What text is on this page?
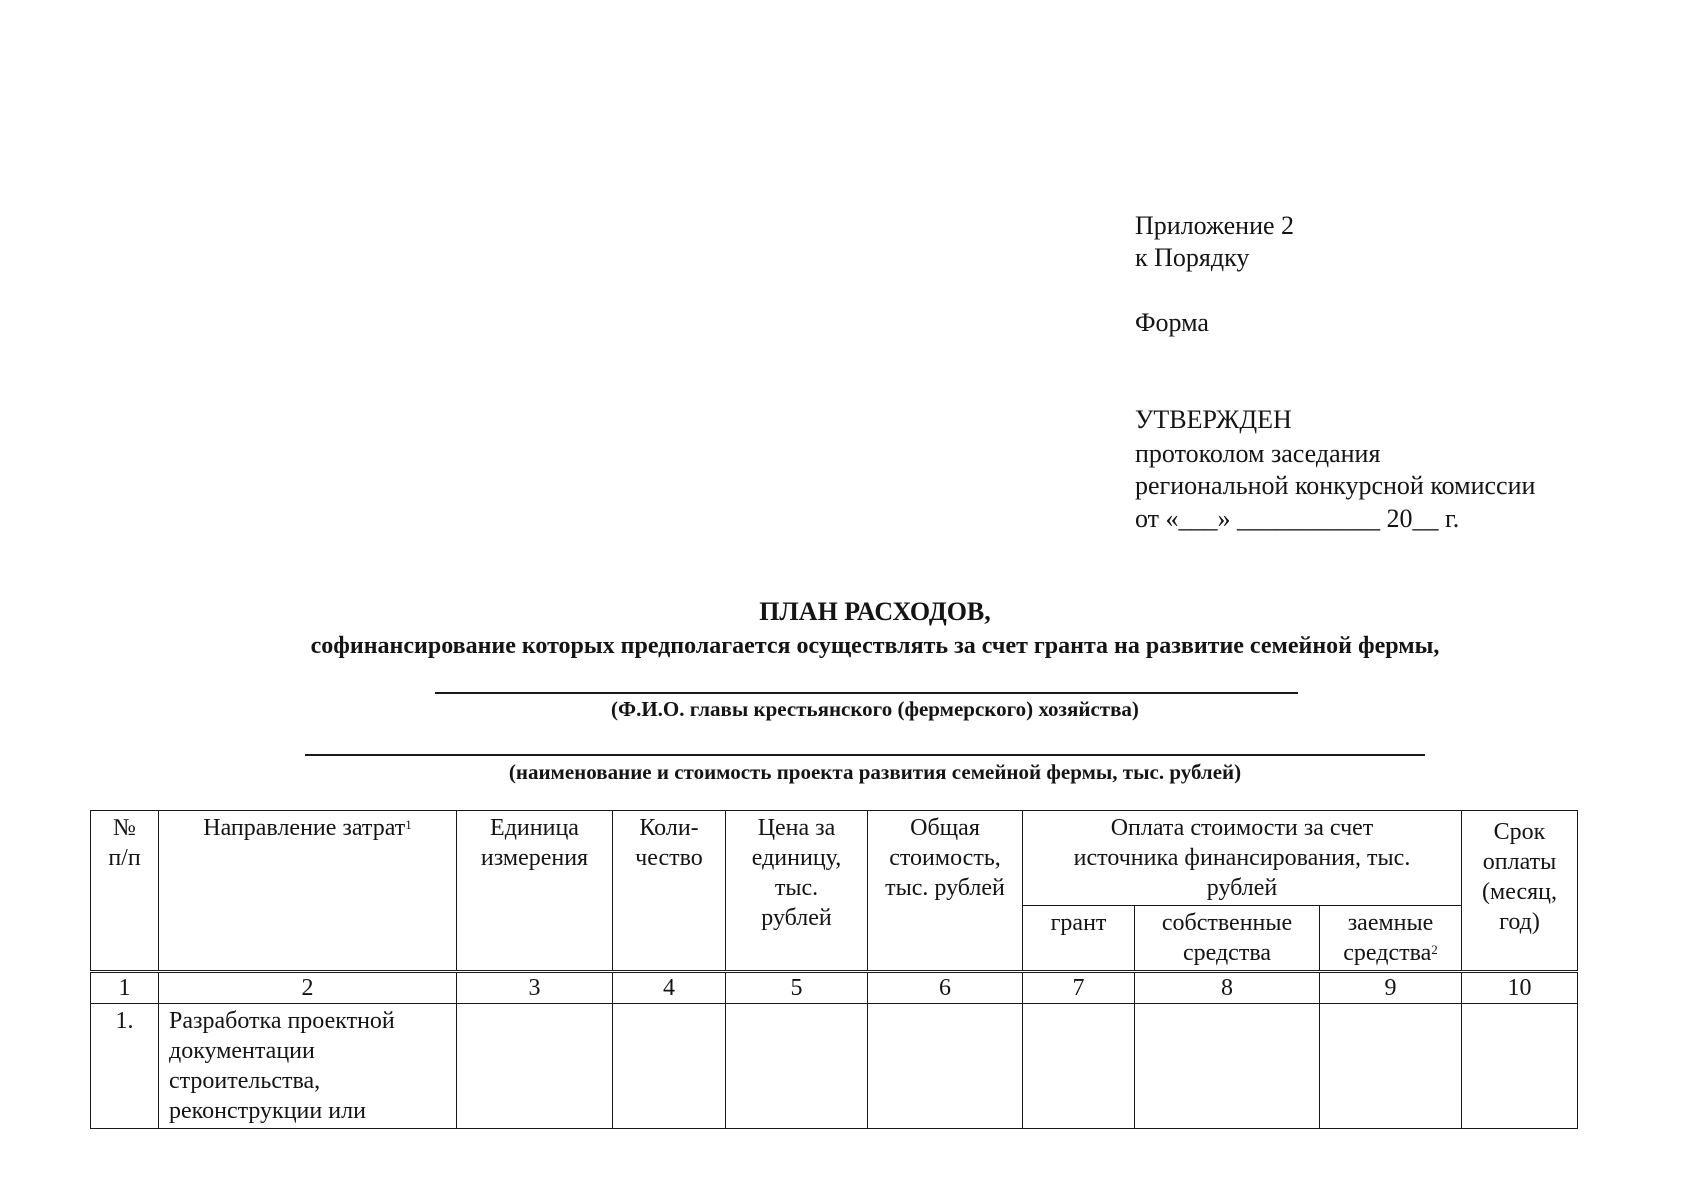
Приложение 2
к Порядку
Форма
УТВЕРЖДЕН
протоколом заседания
региональной конкурсной комиссии
от «___» ___________ 20__ г.
ПЛАН РАСХОДОВ,
софинансирование которых предполагается осуществлять за счет гранта на развитие семейной фермы,
(Ф.И.О. главы крестьянского (фермерского) хозяйства)
(наименование и стоимость проекта развития семейной фермы, тыс. рублей)
№ п/п	Направление затрат$^1$	Единица измерения	Коли-чество	Цена за единицу, тыс. рублей	Общая стоимость, тыс. рублей	Оплата стоимости за счет источника финансирования, тыс. рублей			Срок оплаты (месяц, год)
						грант	собственные средства	заемные средства$^2$
1	2	3	4	5	6	7	8	9	10
1.	Разработка проектной документации строительства, реконструкции или								
